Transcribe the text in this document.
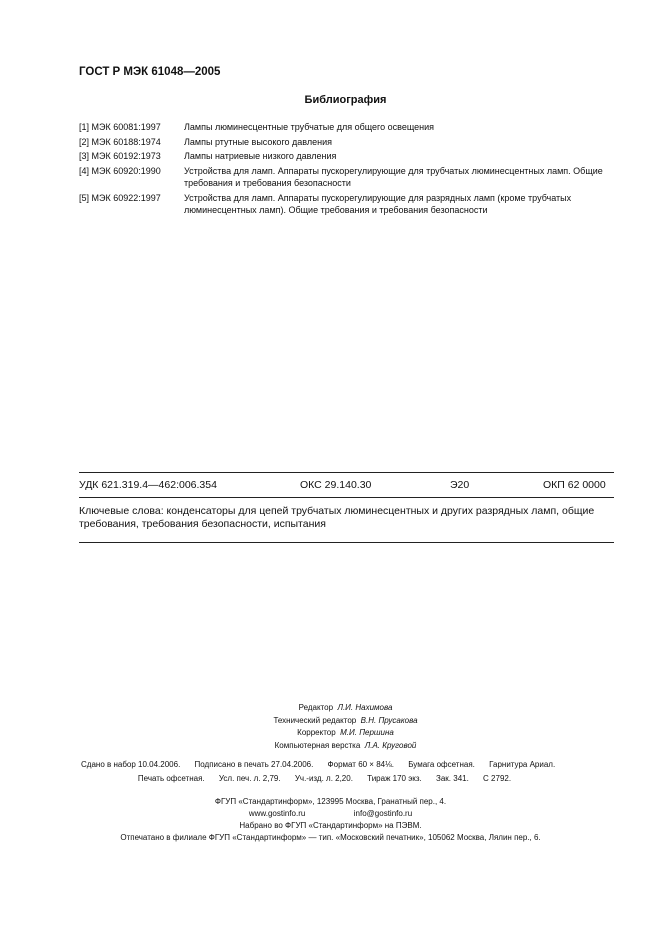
ГОСТ Р МЭК 61048—2005
Библиография
[1] МЭК 60081:1997	Лампы люминесцентные трубчатые для общего освещения
[2] МЭК 60188:1974	Лампы ртутные высокого давления
[3] МЭК 60192:1973	Лампы натриевые низкого давления
[4] МЭК 60920:1990	Устройства для ламп. Аппараты пускорегулирующие для трубчатых люминесцентных ламп. Общие требования и требования безопасности
[5] МЭК 60922:1997	Устройства для ламп. Аппараты пускорегулирующие для разрядных ламп (кроме трубчатых люминесцентных ламп). Общие требования и требования безопасности
УДК 621.319.4—462:006.354	ОКС 29.140.30	Э20	ОКП 62 0000
Ключевые слова: конденсаторы для цепей трубчатых люминесцентных и других разрядных ламп, общие требования, требования безопасности, испытания
Редактор Л.И. Нахимова
Технический редактор В.Н. Прусакова
Корректор М.И. Першина
Компьютерная верстка Л.А. Круговой
Сдано в набор 10.04.2006. Подписано в печать 27.04.2006. Формат 60 × 84⅛. Бумага офсетная. Гарнитура Ариал.
Печать офсетная. Усл. печ. л. 2,79. Уч.-изд. л. 2,20. Тираж 170 экз. Зак. 341. С 2792.
ФГУП «Стандартинформ», 123995 Москва, Гранатный пер., 4.
www.gostinfo.ru	info@gostinfo.ru
Набрано во ФГУП «Стандартинформ» на ПЭВМ.
Отпечатано в филиале ФГУП «Стандартинформ» — тип. «Московский печатник», 105062 Москва, Лялин пер., 6.
